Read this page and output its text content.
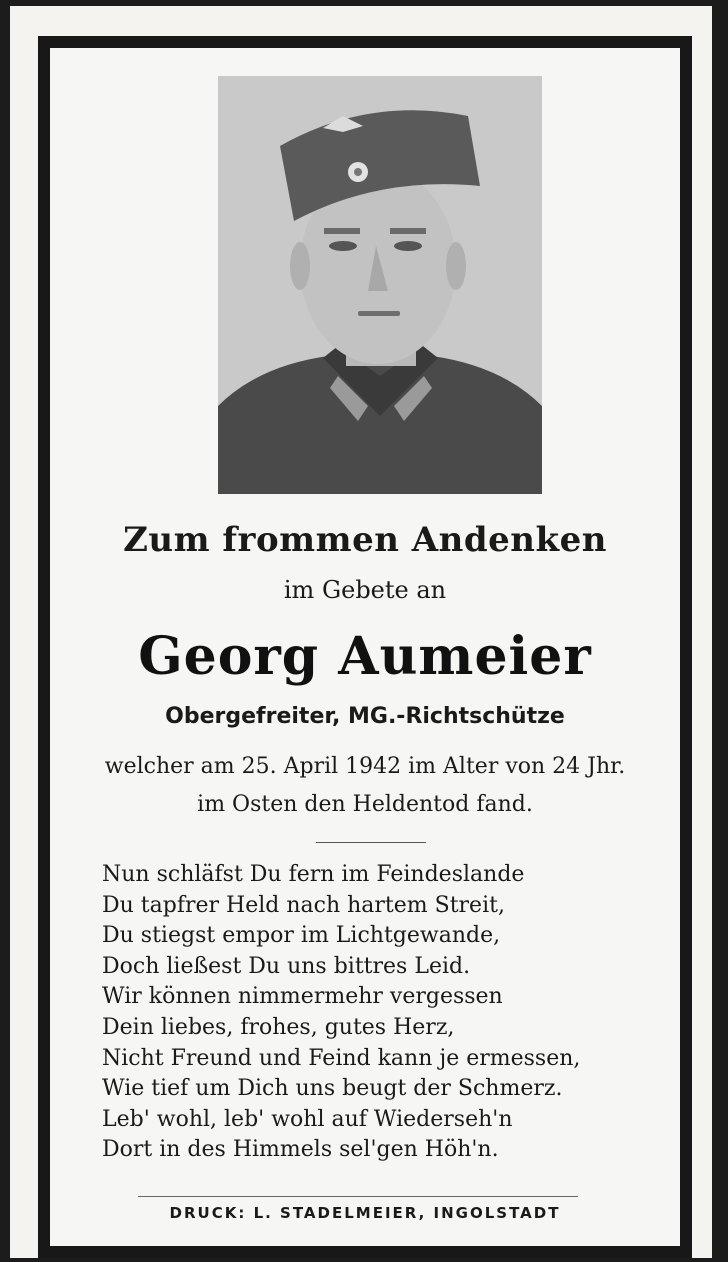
Zum frommen Andenken
im Gebete an
Georg Aumeier
Obergefreiter, MG.-Richtschütze
welcher am 25. April 1942 im Alter von 24 Jhr.
im Osten den Heldentod fand.
Nun schläfst Du fern im Feindeslande
Du tapfrer Held nach hartem Streit,
Du stiegst empor im Lichtgewande,
Doch ließest Du uns bittres Leid.
Wir können nimmermehr vergessen
Dein liebes, frohes, gutes Herz,
Nicht Freund und Feind kann je ermessen,
Wie tief um Dich uns beugt der Schmerz.
Leb' wohl, leb' wohl auf Wiederseh'n
Dort in des Himmels sel'gen Höh'n.
DRUCK: L. STADELMEIER, INGOLSTADT
